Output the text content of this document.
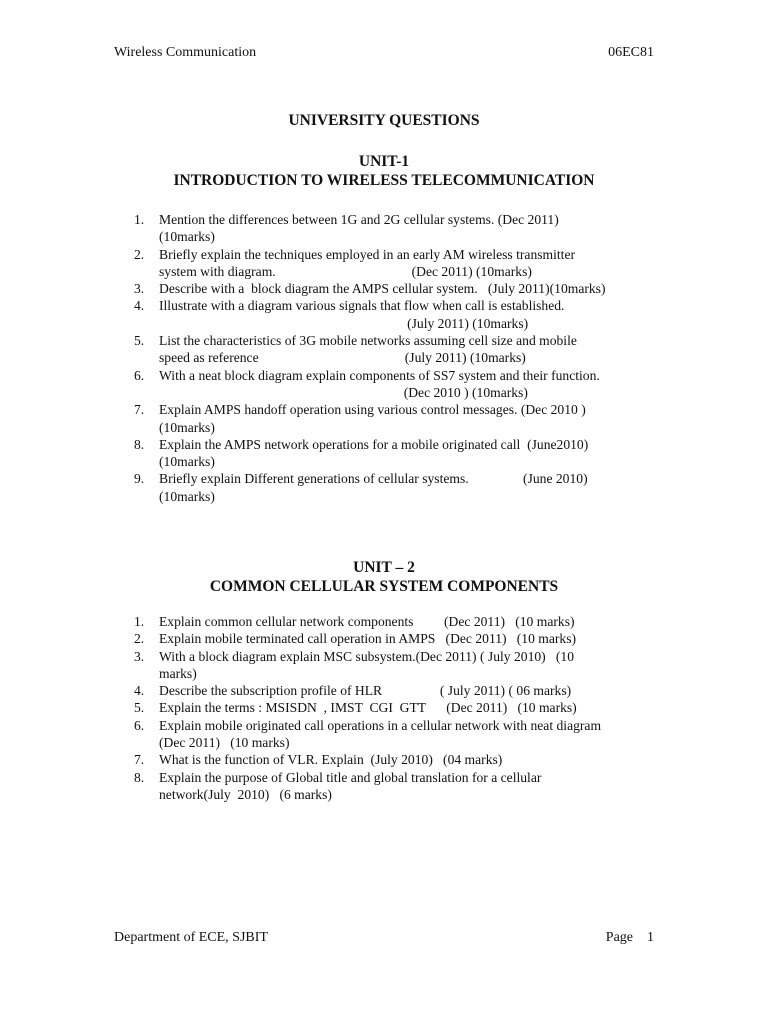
Wireless Communication	06EC81
UNIVERSITY QUESTIONS
UNIT-1
INTRODUCTION TO WIRELESS TELECOMMUNICATION
1. Mention the differences between 1G and 2G cellular systems. (Dec 2011)
(10marks)
2. Briefly explain the techniques employed in an early AM wireless transmitter
system with diagram.                                        (Dec 2011) (10marks)
3. Describe with a  block diagram the AMPS cellular system.   (July 2011)(10marks)
4. Illustrate with a diagram various signals that flow when call is established.
(July 2011) (10marks)
5. List the characteristics of 3G mobile networks assuming cell size and mobile
speed as reference                                           (July 2011) (10marks)
6. With a neat block diagram explain components of SS7 system and their function.
(Dec 2010 ) (10marks)
7. Explain AMPS handoff operation using various control messages. (Dec 2010 )
(10marks)
8. Explain the AMPS network operations for a mobile originated call  (June2010)
(10marks)
9. Briefly explain Different generations of cellular systems.                (June 2010)
(10marks)
UNIT – 2
COMMON CELLULAR SYSTEM COMPONENTS
1. Explain common cellular network components         (Dec 2011)   (10 marks)
2. Explain mobile terminated call operation in AMPS   (Dec 2011)   (10 marks)
3. With a block diagram explain MSC subsystem.(Dec 2011) ( July 2010)   (10
marks)
4. Describe the subscription profile of HLR                 ( July 2011) ( 06 marks)
5. Explain the terms : MSISDN  , IMST  CGI  GTT      (Dec 2011)   (10 marks)
6. Explain mobile originated call operations in a cellular network with neat diagram
(Dec 2011)   (10 marks)
7. What is the function of VLR. Explain  (July 2010)   (04 marks)
8. Explain the purpose of Global title and global translation for a cellular
network(July  2010)   (6 marks)
Department of ECE, SJBIT	Page 1
